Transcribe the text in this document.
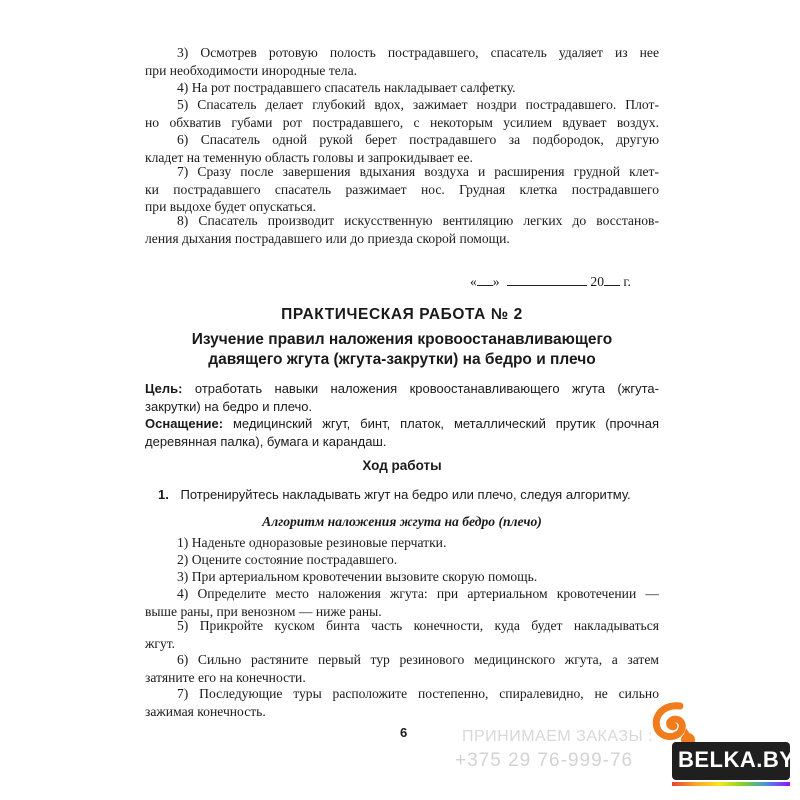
3) Осмотрев ротовую полость пострадавшего, спасатель удаляет из нее
при необходимости инородные тела.
4) На рот пострадавшего спасатель накладывает салфетку.
5) Спасатель делает глубокий вдох, зажимает ноздри пострадавшего. Плот-
но обхватив губами рот пострадавшего, с некоторым усилием вдувает воздух.
6) Спасатель одной рукой берет пострадавшего за подбородок, другую
кладет на теменную область головы и запрокидывает ее.
7) Сразу после завершения вдыхания воздуха и расширения грудной клет-
ки пострадавшего спасатель разжимает нос. Грудная клетка пострадавшего
при выдохе будет опускаться.
8) Спасатель производит искусственную вентиляцию легких до восстанов-
ления дыхания пострадавшего или до приезда скорой помощи.
« »	20 г.
ПРАКТИЧЕСКАЯ РАБОТА № 2
Изучение правил наложения кровоостанавливающего
давящего жгута (жгута-закрутки) на бедро и плечо
Цель: отработать навыки наложения кровоостанавливающего жгута (жгута-
закрутки) на бедро и плечо.
Оснащение: медицинский жгут, бинт, платок, металлический прутик (прочная
деревянная палка), бумага и карандаш.
Ход работы
1. Потренируйтесь накладывать жгут на бедро или плечо, следуя алгоритму.
Алгоритм наложения жгута на бедро (плечо)
1) Наденьте одноразовые резиновые перчатки.
2) Оцените состояние пострадавшего.
3) При артериальном кровотечении вызовите скорую помощь.
4) Определите место наложения жгута: при артериальном кровотечении —
выше раны, при венозном — ниже раны.
5) Прикройте куском бинта часть конечности, куда будет накладываться
жгут.
6) Сильно растяните первый тур резинового медицинского жгута, а затем
затяните его на конечности.
7) Последующие туры расположите постепенно, спиралевидно, не сильно
зажимая конечность.
6	ПРИНИМАЕМ ЗАКАЗЫ :
+375 29 76-999-76 BELKA.BY
